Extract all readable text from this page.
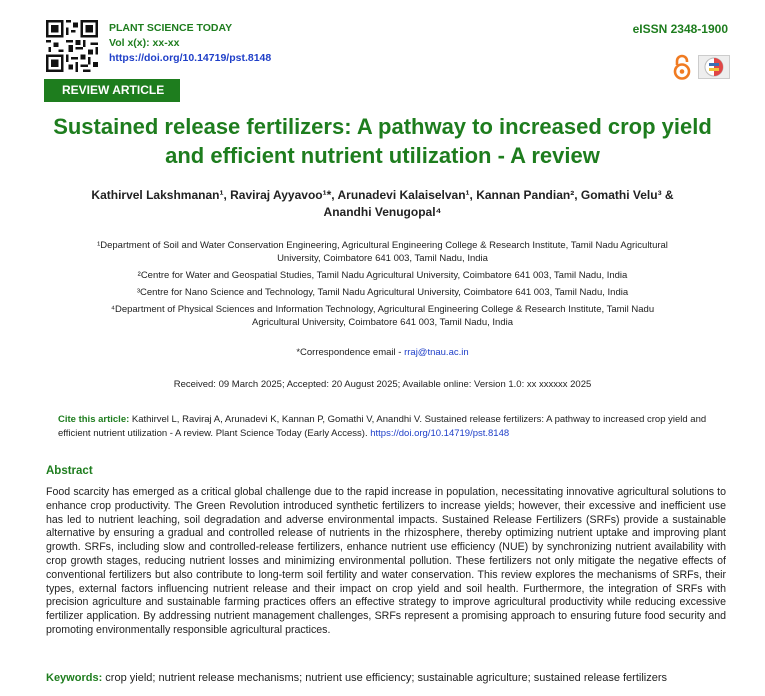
PLANT SCIENCE TODAY
Vol x(x): xx-xx
https://doi.org/10.14719/pst.8148
eISSN 2348-1900
REVIEW ARTICLE
Sustained release fertilizers: A pathway to increased crop yield
and efficient nutrient utilization - A review
Kathirvel Lakshmanan¹, Raviraj Ayyavoo¹*, Arunadevi Kalaiselvan¹, Kannan Pandian², Gomathi Velu³ &
Anandhi Venugopal⁴
¹Department of Soil and Water Conservation Engineering, Agricultural Engineering College & Research Institute, Tamil Nadu Agricultural University, Coimbatore 641 003, Tamil Nadu, India
²Centre for Water and Geospatial Studies, Tamil Nadu Agricultural University, Coimbatore 641 003, Tamil Nadu, India
³Centre for Nano Science and Technology, Tamil Nadu Agricultural University, Coimbatore 641 003, Tamil Nadu, India
⁴Department of Physical Sciences and Information Technology, Agricultural Engineering College & Research Institute, Tamil Nadu Agricultural University, Coimbatore 641 003, Tamil Nadu, India
*Correspondence email - rraj@tnau.ac.in
Received: 09 March 2025; Accepted: 20 August 2025; Available online: Version 1.0: xx xxxxxx 2025
Cite this article: Kathirvel L, Raviraj A, Arunadevi K, Kannan P, Gomathi V, Anandhi V. Sustained release fertilizers: A pathway to increased crop yield and efficient nutrient utilization - A review. Plant Science Today (Early Access). https://doi.org/10.14719/pst.8148
Abstract
Food scarcity has emerged as a critical global challenge due to the rapid increase in population, necessitating innovative agricultural solutions to enhance crop productivity. The Green Revolution introduced synthetic fertilizers to increase yields; however, their excessive and inefficient use has led to nutrient leaching, soil degradation and adverse environmental impacts. Sustained Release Fertilizers (SRFs) provide a sustainable alternative by ensuring a gradual and controlled release of nutrients in the rhizosphere, thereby optimizing nutrient uptake and improving plant growth. SRFs, including slow and controlled-release fertilizers, enhance nutrient use efficiency (NUE) by synchronizing nutrient availability with crop growth stages, reducing nutrient losses and minimizing environmental pollution. These fertilizers not only mitigate the negative effects of conventional fertilizers but also contribute to long-term soil fertility and water conservation. This review explores the mechanisms of SRFs, their types, external factors influencing nutrient release and their impact on crop yield and soil health. Furthermore, the integration of SRFs with precision agriculture and sustainable farming practices offers an effective strategy to improve agricultural productivity while reducing excessive fertilizer application. By addressing nutrient management challenges, SRFs represent a promising approach to ensuring future food security and promoting environmentally responsible agricultural practices.
Keywords: crop yield; nutrient release mechanisms; nutrient use efficiency; sustainable agriculture; sustained release fertilizers
